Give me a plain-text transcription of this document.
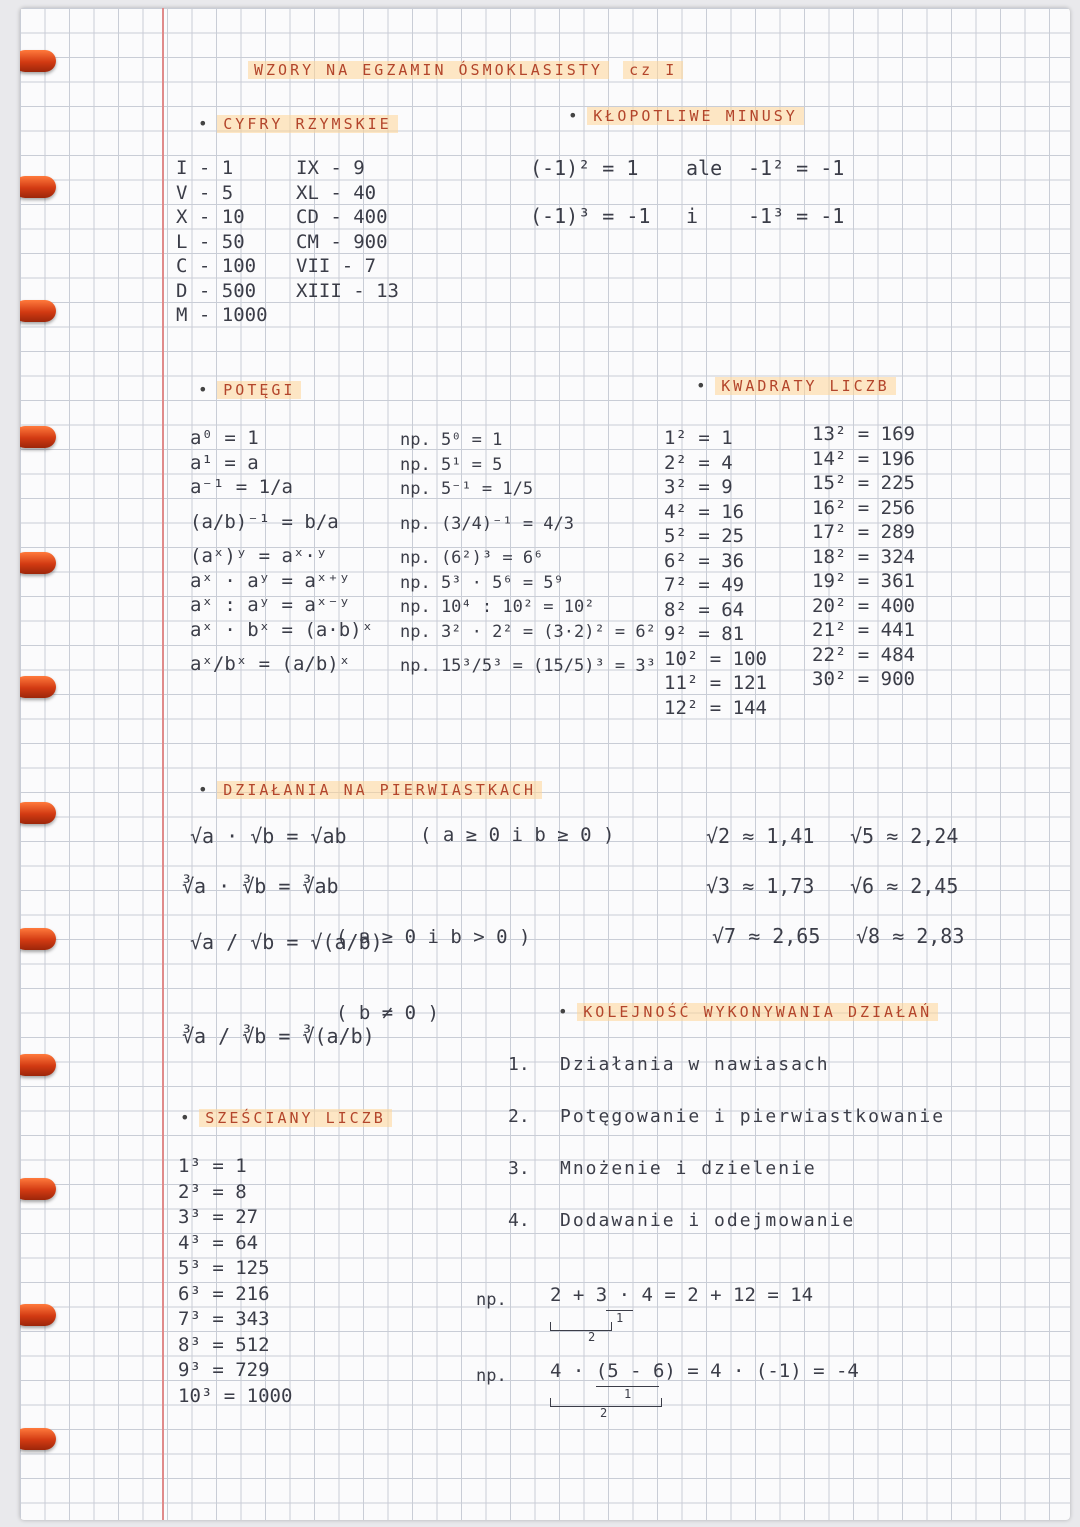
WZORY NA EGZAMIN ÓSMOKLASISTY cz I
• CYFRY RZYMSKIE
I - 1
V - 5
X - 10
L - 50
C - 100
D - 500
M - 1000
IX - 9
XL - 40
CD - 400
CM - 900
VII - 7
XIII - 13
• KŁOPOTLIWE MINUSY
(-1)² = 1 ale -1² = -1
(-1)³ = -1 i -1³ = -1
• POTĘGI
a⁰ = 1
a¹ = a
a⁻¹ = 1/a
(a/b)⁻¹ = b/a
(aˣ)ʸ = aˣ·ʸ
aˣ · aʸ = aˣ⁺ʸ
aˣ : aʸ = aˣ⁻ʸ
aˣ · bˣ = (a·b)ˣ
aˣ/bˣ = (a/b)ˣ
np. 5⁰ = 1
np. 5¹ = 5
np. 5⁻¹ = 1/5
np. (3/4)⁻¹ = 4/3
np. (6²)³ = 6⁶
np. 5³ · 5⁶ = 5⁹
np. 10⁴ : 10² = 10²
np. 3² · 2² = (3·2)² = 6²
np. 15³/5³ = (15/5)³ = 3³
• KWADRATY LICZB
1² = 1
2² = 4
3² = 9
4² = 16
5² = 25
6² = 36
7² = 49
8² = 64
9² = 81
10² = 100
11² = 121
12² = 144
13² = 169
14² = 196
15² = 225
16² = 256
17² = 289
18² = 324
19² = 361
20² = 400
21² = 441
22² = 484
30² = 900
• DZIAŁANIA NA PIERWIASTKACH
√a · √b = √ab	( a ≥ 0 i b ≥ 0 )
∛a · ∛b = ∛ab
√a / √b = √(a/b)
( a ≥ 0 i b > 0 )
∛a / ∛b = ∛(a/b)
( b ≠ 0 )
√2 ≈ 1,41 √5 ≈ 2,24
√3 ≈ 1,73 √6 ≈ 2,45
√7 ≈ 2,65 √8 ≈ 2,83
• KOLEJNOŚĆ WYKONYWANIA DZIAŁAŃ
1. Działania w nawiasach
2. Potęgowanie i pierwiastkowanie
3. Mnożenie i dzielenie
4. Dodawanie i odejmowanie
np. 2 + 3 · 4 = 2 + 12 = 14
1
2
np. 4 · (5 - 6) = 4 · (-1) = -4
1
2
• SZEŚCIANY LICZB
1³ = 1
2³ = 8
3³ = 27
4³ = 64
5³ = 125
6³ = 216
7³ = 343
8³ = 512
9³ = 729
10³ = 1000
